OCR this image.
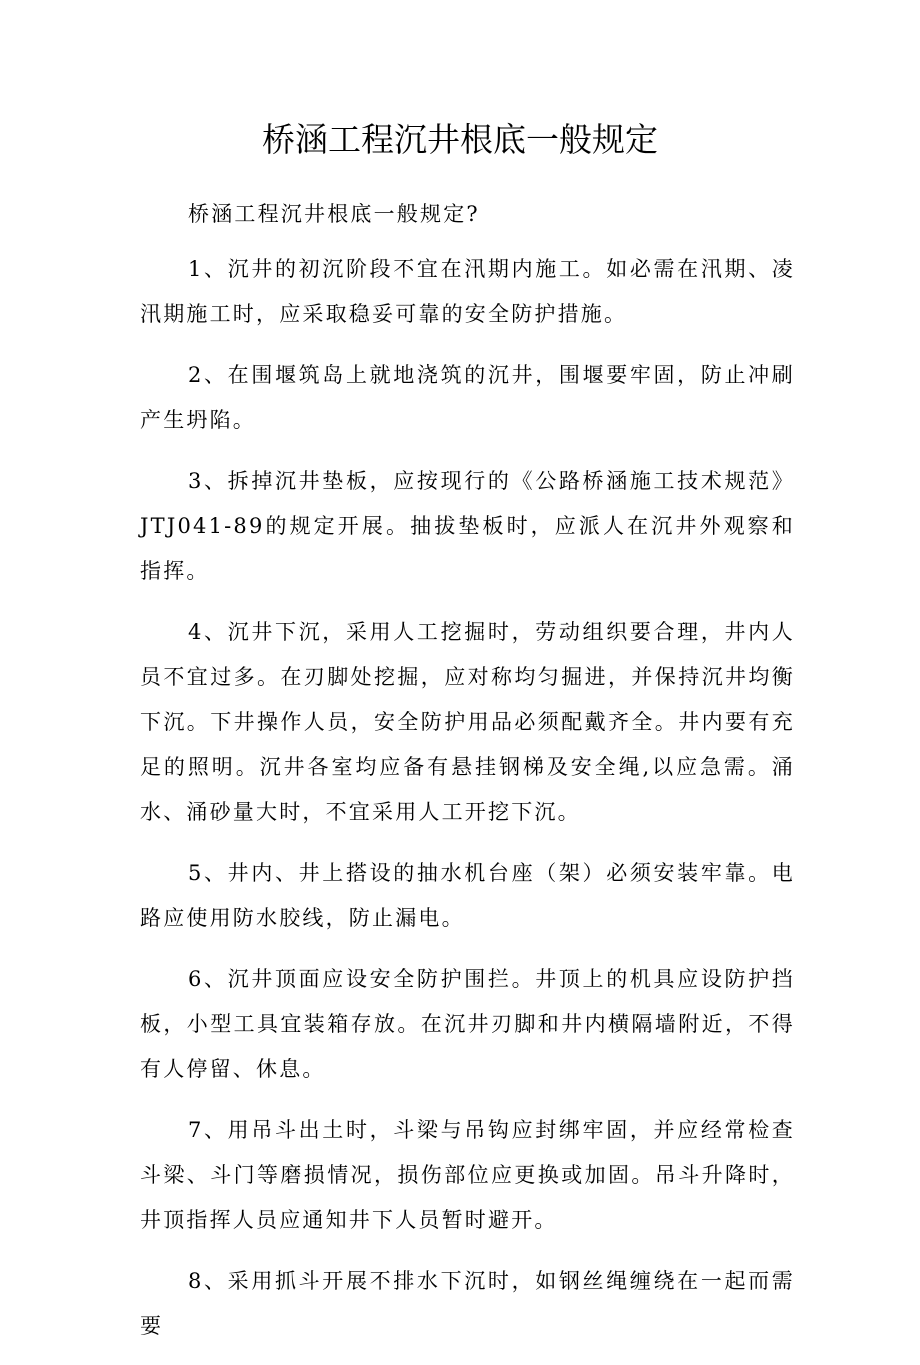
桥涵工程沉井根底一般规定

桥涵工程沉井根底一般规定?

1、沉井的初沉阶段不宜在汛期内施工。如必需在汛期、凌汛期施工时，应采取稳妥可靠的安全防护措施。

2、在围堰筑岛上就地浇筑的沉井，围堰要牢固，防止冲刷产生坍陷。

3、拆掉沉井垫板，应按现行的《公路桥涵施工技术规范》JTJ041-89的规定开展。抽拔垫板时，应派人在沉井外观察和指挥。

4、沉井下沉，采用人工挖掘时，劳动组织要合理，井内人员不宜过多。在刃脚处挖掘，应对称均匀掘进，并保持沉井均衡下沉。下井操作人员，安全防护用品必须配戴齐全。井内要有充足的照明。沉井各室均应备有悬挂钢梯及安全绳,以应急需。涌水、涌砂量大时，不宜采用人工开挖下沉。

5、井内、井上搭设的抽水机台座（架）必须安装牢靠。电路应使用防水胶线，防止漏电。

6、沉井顶面应设安全防护围拦。井顶上的机具应设防护挡板，小型工具宜装箱存放。在沉井刃脚和井内横隔墙附近，不得有人停留、休息。

7、用吊斗出土时，斗梁与吊钩应封绑牢固，并应经常检查斗梁、斗门等磨损情况，损伤部位应更换或加固。吊斗升降时，井顶指挥人员应通知井下人员暂时避开。

8、采用抓斗开展不排水下沉时，如钢丝绳缠绕在一起而需要
